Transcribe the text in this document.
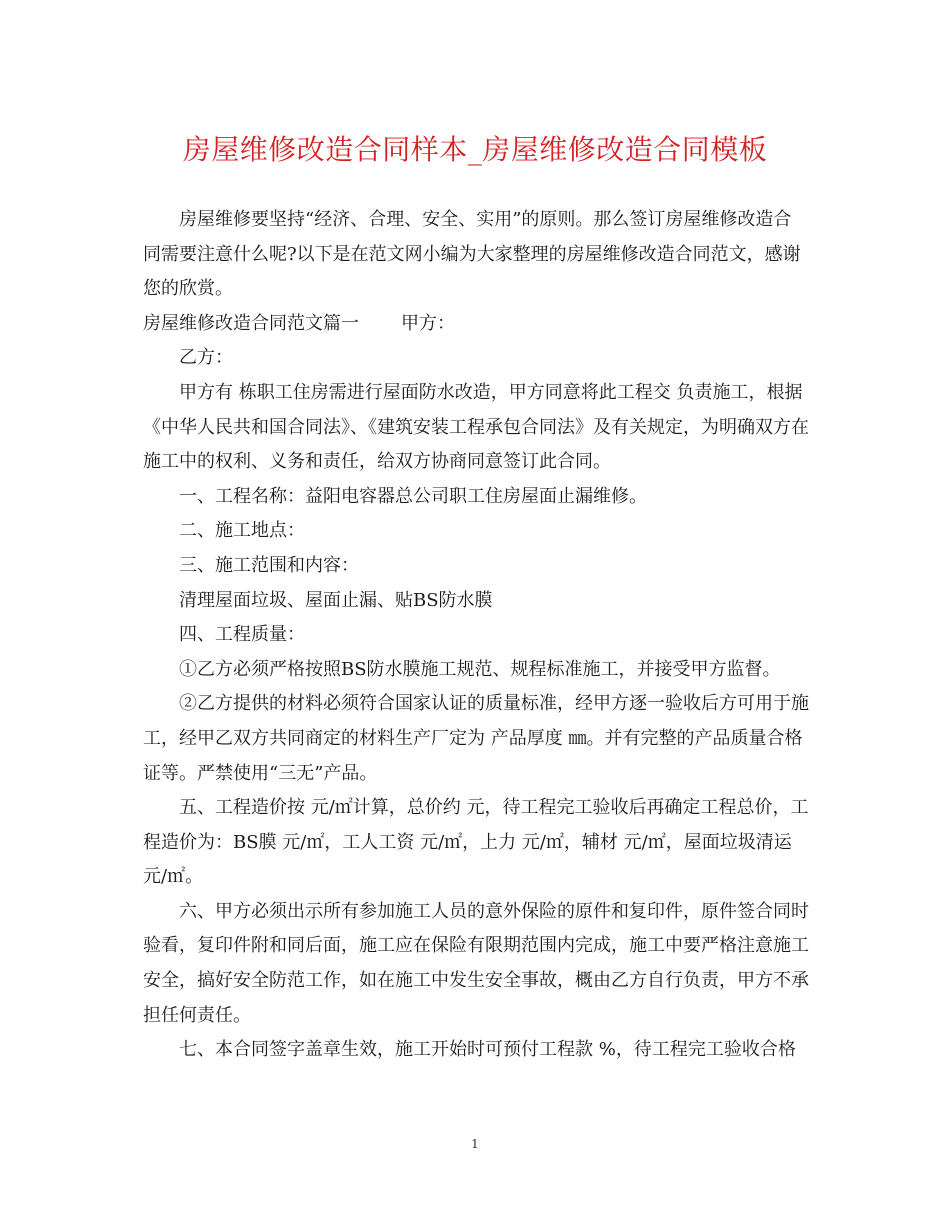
房屋维修改造合同样本_房屋维修改造合同模板

房屋维修要坚持“经济、合理、安全、实用”的原则。那么签订房屋维修改造合同需要注意什么呢?以下是在范文网小编为大家整理的房屋维修改造合同范文，感谢您的欣赏。

房屋维修改造合同范文篇一 甲方：

乙方：

甲方有 栋职工住房需进行屋面防水改造，甲方同意将此工程交 负责施工，根据《中华人民共和国合同法》、《建筑安装工程承包合同法》及有关规定，为明确双方在施工中的权利、义务和责任，给双方协商同意签订此合同。

一、工程名称：益阳电容器总公司职工住房屋面止漏维修。

二、施工地点：

三、施工范围和内容：

清理屋面垃圾、屋面止漏、贴BS防水膜

四、工程质量：

①乙方必须严格按照BS防水膜施工规范、规程标准施工，并接受甲方监督。

②乙方提供的材料必须符合国家认证的质量标准，经甲方逐一验收后方可用于施工，经甲乙双方共同商定的材料生产厂定为 产品厚度 ㎜。并有完整的产品质量合格证等。严禁使用“三无”产品。

五、工程造价按 元/㎡计算，总价约 元，待工程完工验收后再确定工程总价，工程造价为：BS膜 元/㎡，工人工资 元/㎡，上力 元/㎡，辅材 元/㎡，屋面垃圾清运 元/㎡。

六、甲方必须出示所有参加施工人员的意外保险的原件和复印件，原件签合同时验看，复印件附和同后面，施工应在保险有限期范围内完成，施工中要严格注意施工安全，搞好安全防范工作，如在施工中发生安全事故，概由乙方自行负责，甲方不承担任何责任。

七、本合同签字盖章生效，施工开始时可预付工程款 %，待工程完工验收合格

1
